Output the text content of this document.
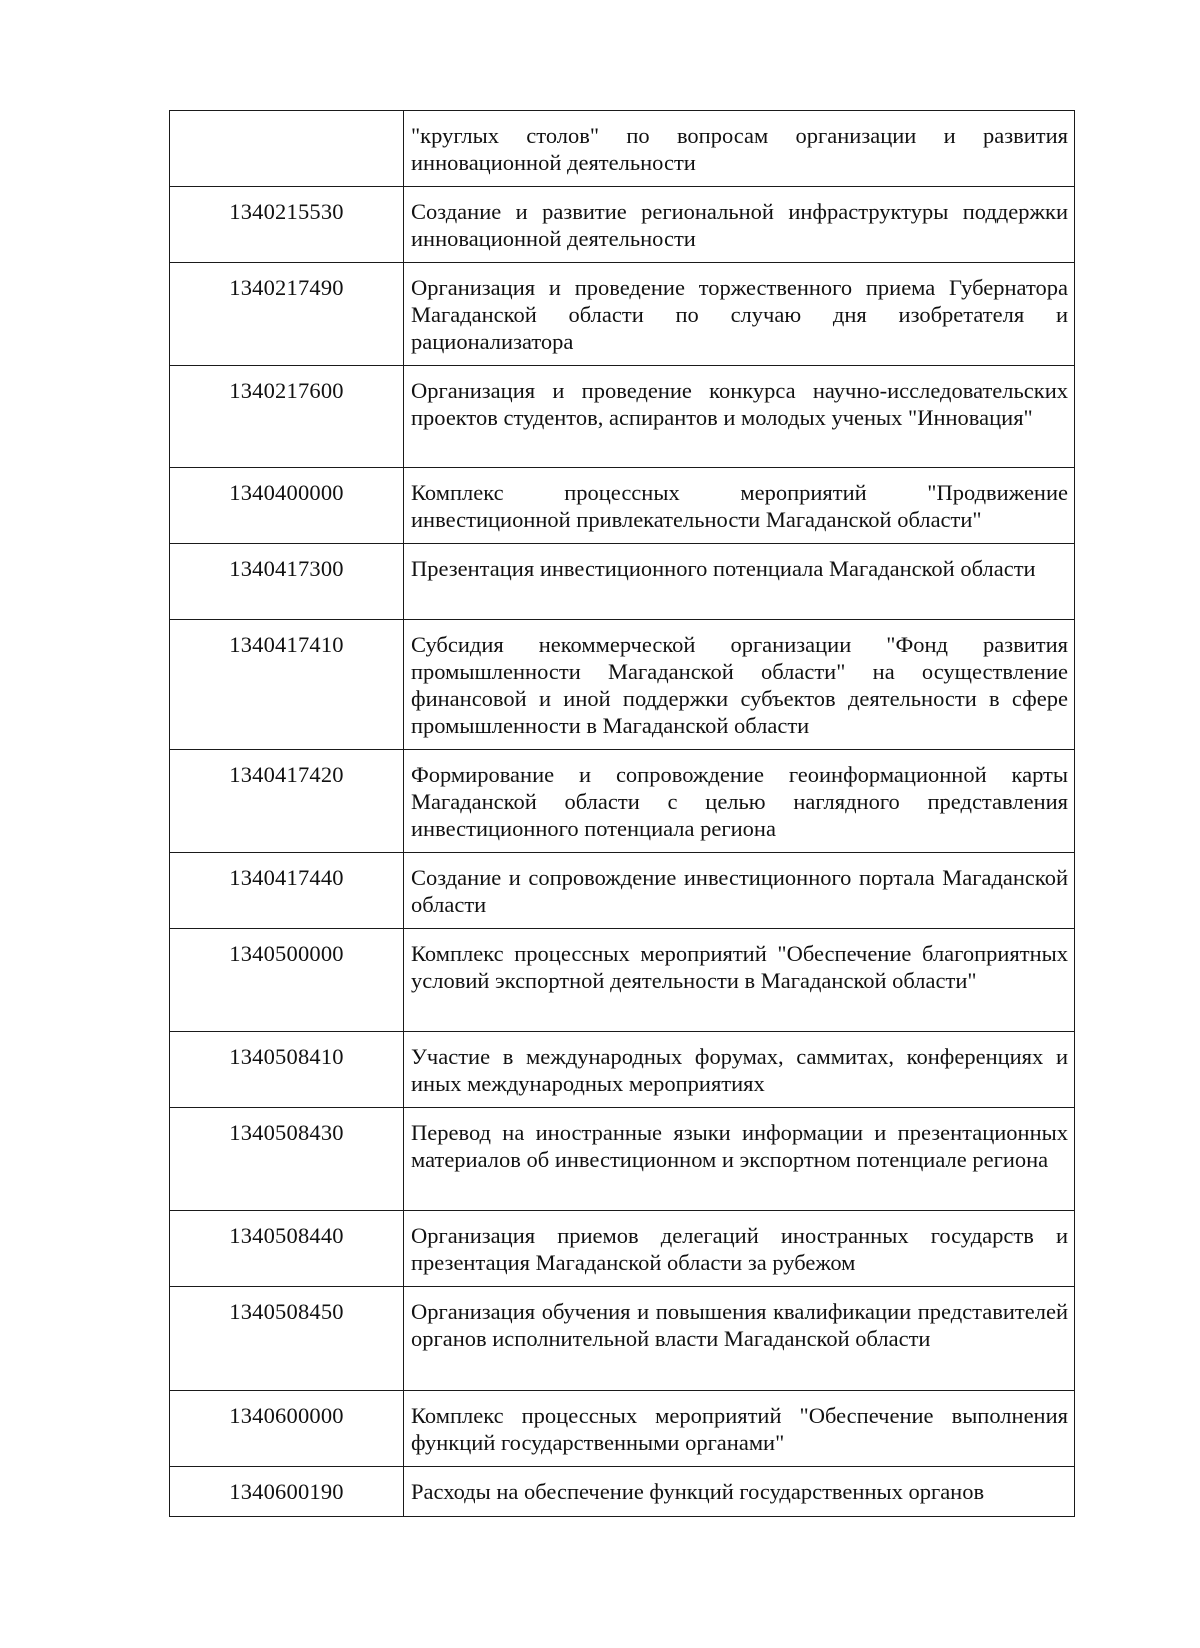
	"круглых столов" по вопросам организации и развития инновационной деятельности
1340215530	Создание и развитие региональной инфраструктуры поддержки инновационной деятельности
1340217490	Организация и проведение торжественного приема Губернатора Магаданской области по случаю дня изобретателя и рационализатора
1340217600	Организация и проведение конкурса научно-исследовательских проектов студентов, аспирантов и молодых ученых "Инновация"
1340400000	Комплекс процессных мероприятий "Продвижение инвестиционной привлекательности Магаданской области"
1340417300	Презентация инвестиционного потенциала Магаданской области
1340417410	Субсидия некоммерческой организации "Фонд развития промышленности Магаданской области" на осуществление финансовой и иной поддержки субъектов деятельности в сфере промышленности в Магаданской области
1340417420	Формирование и сопровождение геоинформационной карты Магаданской области с целью наглядного представления инвестиционного потенциала региона
1340417440	Создание и сопровождение инвестиционного портала Магаданской области
1340500000	Комплекс процессных мероприятий "Обеспечение благоприятных условий экспортной деятельности в Магаданской области"
1340508410	Участие в международных форумах, саммитах, конференциях и иных международных мероприятиях
1340508430	Перевод на иностранные языки информации и презентационных материалов об инвестиционном и экспортном потенциале региона
1340508440	Организация приемов делегаций иностранных государств и презентация Магаданской области за рубежом
1340508450	Организация обучения и повышения квалификации представителей органов исполнительной власти Магаданской области
1340600000	Комплекс процессных мероприятий "Обеспечение выполнения функций государственными органами"
1340600190	Расходы на обеспечение функций государственных органов
